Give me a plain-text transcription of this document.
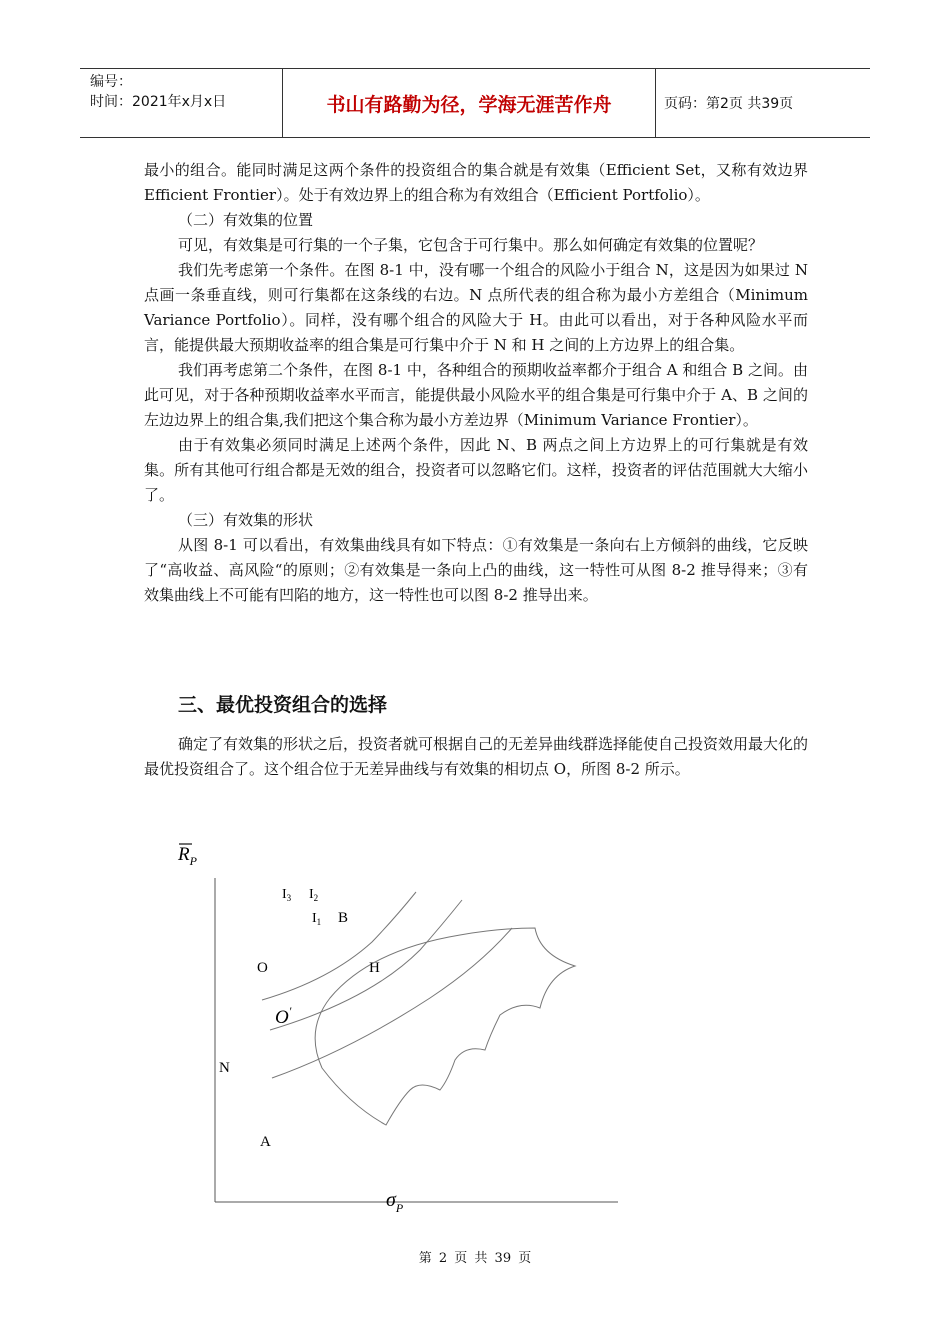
编号：
时间：2021年x月x日	书山有路勤为径，学海无涯苦作舟	页码：第2页 共39页

最小的组合。能同时满足这两个条件的投资组合的集合就是有效集（Efficient Set，又称有效边界 Efficient Frontier）。处于有效边界上的组合称为有效组合（Efficient Portfolio）。

（二）有效集的位置

可见，有效集是可行集的一个子集，它包含于可行集中。那么如何确定有效集的位置呢？

我们先考虑第一个条件。在图 8-1 中，没有哪一个组合的风险小于组合 N，这是因为如果过 N 点画一条垂直线，则可行集都在这条线的右边。N 点所代表的组合称为最小方差组合（Minimum Variance Portfolio）。同样，没有哪个组合的风险大于 H。由此可以看出，对于各种风险水平而言，能提供最大预期收益率的组合集是可行集中介于 N 和 H 之间的上方边界上的组合集。

我们再考虑第二个条件，在图 8-1 中，各种组合的预期收益率都介于组合 A 和组合 B 之间。由此可见，对于各种预期收益率水平而言，能提供最小风险水平的组合集是可行集中介于 A、B 之间的左边边界上的组合集,我们把这个集合称为最小方差边界（Minimum Variance Frontier）。

由于有效集必须同时满足上述两个条件，因此 N、B 两点之间上方边界上的可行集就是有效集。所有其他可行组合都是无效的组合，投资者可以忽略它们。这样，投资者的评估范围就大大缩小了。

（三）有效集的形状

从图 8-1 可以看出，有效集曲线具有如下特点：①有效集是一条向右上方倾斜的曲线，它反映了“高收益、高风险“的原则；②有效集是一条向上凸的曲线，这一特性可从图 8-2 推导得来；③有效集曲线上不可能有凹陷的地方，这一特性也可以图 8-2 推导出来。

三、最优投资组合的选择

确定了有效集的形状之后，投资者就可根据自己的无差异曲线群选择能使自己投资效用最大化的最优投资组合了。这个组合位于无差异曲线与有效集的相切点 O，所图 8-2 所示。

$R_P$
$\sigma_P$
$I_3$ $I_2$
$I_1$ B
O	H
O′
N
A
第 2 页 共 39 页
